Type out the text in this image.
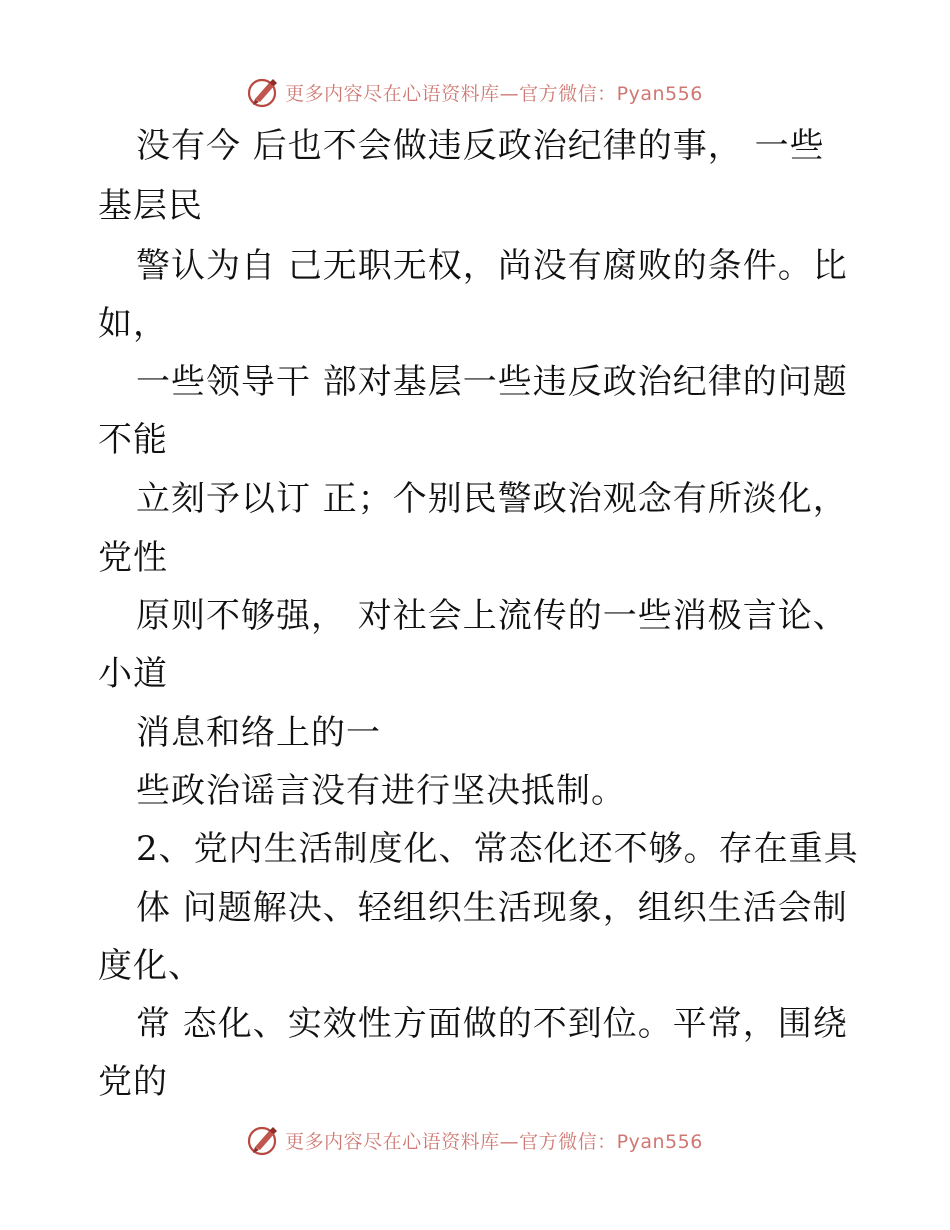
更多内容尽在心语资料库—官方微信：Pyan556
没有今 后也不会做违反政治纪律的事， 一些
基层民
警认为自 己无职无权，尚没有腐败的条件。比
如，
一些领导干 部对基层一些违反政治纪律的问题
不能
立刻予以订 正；个别民警政治观念有所淡化，
党性
原则不够强， 对社会上流传的一些消极言论、
小道
消息和络上的一
些政治谣言没有进行坚决抵制。
2、党内生活制度化、常态化还不够。存在重具
体 问题解决、轻组织生活现象，组织生活会制
度化、
常 态化、实效性方面做的不到位。平常，围绕
党的
更多内容尽在心语资料库—官方微信：Pyan556
